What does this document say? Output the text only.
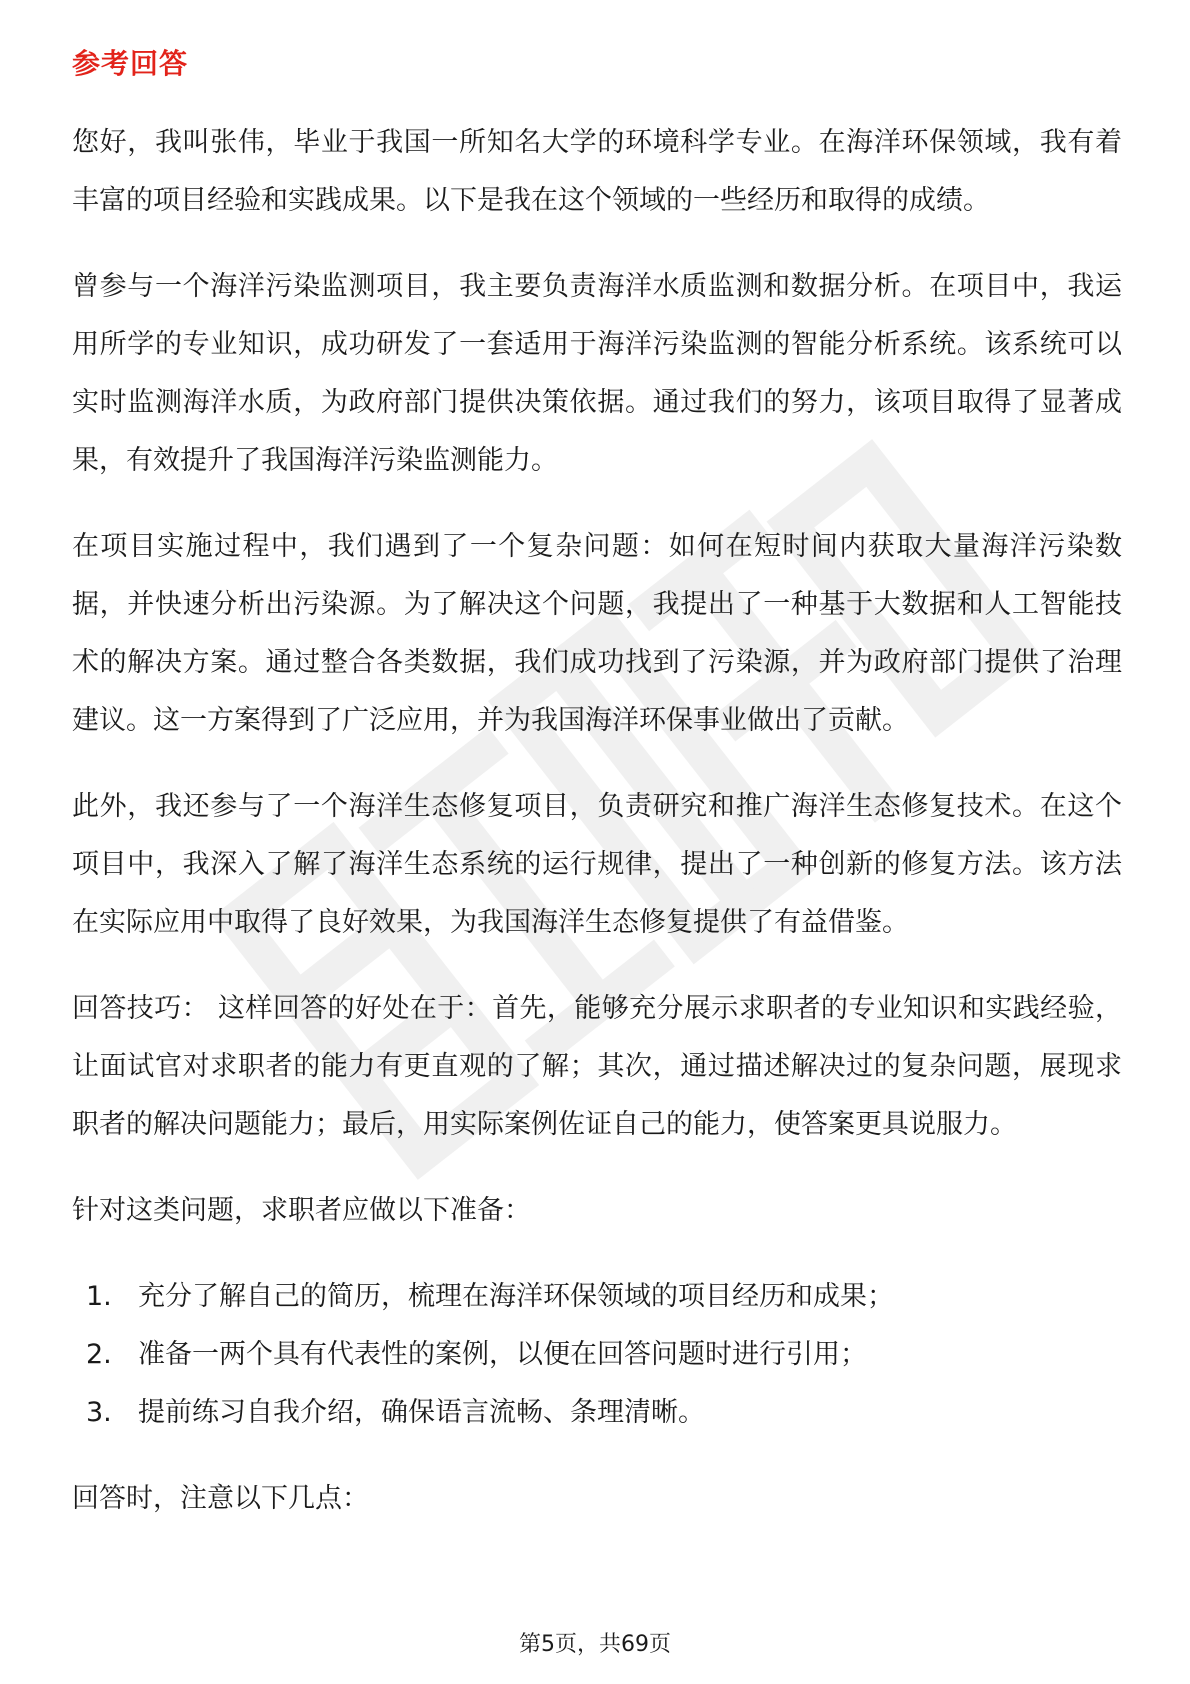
参考回答

您好，我叫张伟，毕业于我国一所知名大学的环境科学专业。在海洋环保领域，我有着丰富的项目经验和实践成果。以下是我在这个领域的一些经历和取得的成绩。

曾参与一个海洋污染监测项目，我主要负责海洋水质监测和数据分析。在项目中，我运用所学的专业知识，成功研发了一套适用于海洋污染监测的智能分析系统。该系统可以实时监测海洋水质，为政府部门提供决策依据。通过我们的努力，该项目取得了显著成果，有效提升了我国海洋污染监测能力。

在项目实施过程中，我们遇到了一个复杂问题：如何在短时间内获取大量海洋污染数据，并快速分析出污染源。为了解决这个问题，我提出了一种基于大数据和人工智能技术的解决方案。通过整合各类数据，我们成功找到了污染源，并为政府部门提供了治理建议。这一方案得到了广泛应用，并为我国海洋环保事业做出了贡献。

此外，我还参与了一个海洋生态修复项目，负责研究和推广海洋生态修复技术。在这个项目中，我深入了解了海洋生态系统的运行规律，提出了一种创新的修复方法。该方法在实际应用中取得了良好效果，为我国海洋生态修复提供了有益借鉴。

回答技巧： 这样回答的好处在于：首先，能够充分展示求职者的专业知识和实践经验，让面试官对求职者的能力有更直观的了解；其次，通过描述解决过的复杂问题，展现求职者的解决问题能力；最后，用实际案例佐证自己的能力，使答案更具说服力。

针对这类问题，求职者应做以下准备：

1. 充分了解自己的简历，梳理在海洋环保领域的项目经历和成果；
2. 准备一两个具有代表性的案例，以便在回答问题时进行引用；
3. 提前练习自我介绍，确保语言流畅、条理清晰。

回答时，注意以下几点：

第5页，共69页
